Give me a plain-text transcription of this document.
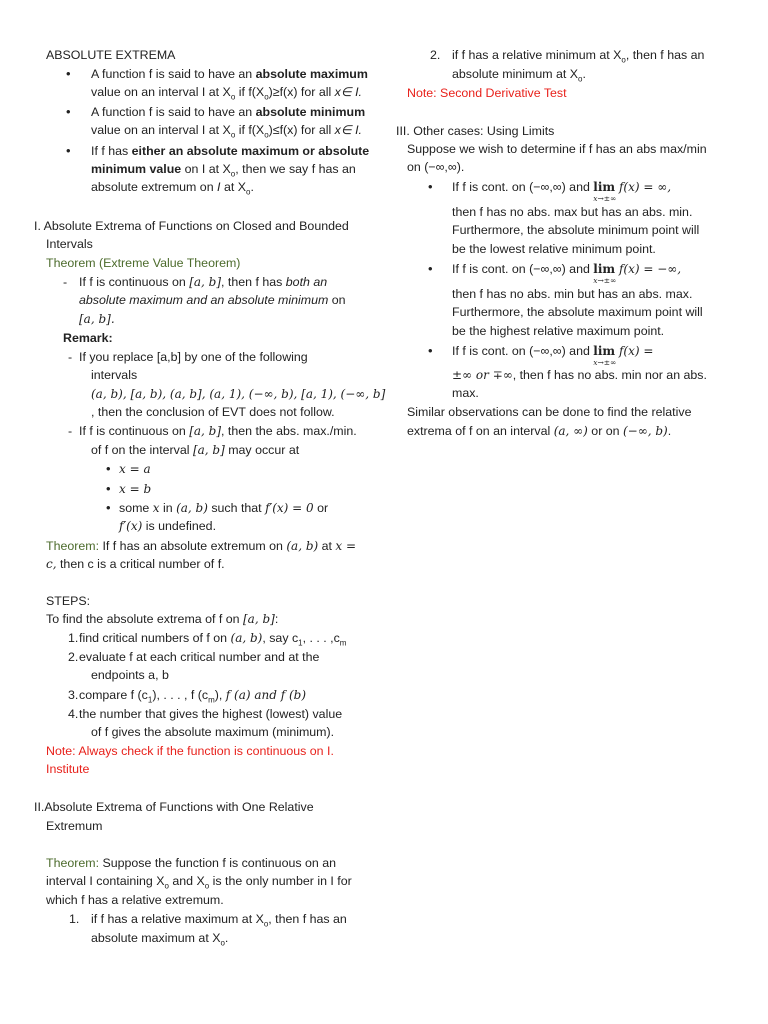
ABSOLUTE EXTREMA
• A function f is said to have an absolute maximum
value on an interval I at $X_o$ if $f(X_o)\ge f(x)$ for all x∈ I.
• A function f is said to have an absolute minimum
value on an interval I at $X_o$ if $f(X_o)\le f(x)$ for all x∈ I.
• If f has either an absolute maximum or absolute
minimum value on I at $X_o$, then we say f has an
absolute extremum on I at $X_o$.
I. Absolute Extrema of Functions on Closed and Bounded
Intervals
Theorem (Extreme Value Theorem)
- If f is continuous on [a, b], then f has both an
absolute maximum and an absolute minimum on
[a, b].
Remark:
- If you replace [a,b] by one of the following
intervals
(a, b), [a, b), (a, b], (a, 1), (−∞, b), [a, 1), (−∞, b]
, then the conclusion of EVT does not follow.
- If f is continuous on [a, b], then the abs. max./min.
of f on the interval [a, b] may occur at
• x = a
• x = b
• some x in (a, b) such that f′(x) = 0 or
f′(x) is undefined.
Theorem: If f has an absolute extremum on (a, b) at x =
c, then c is a critical number of f.
STEPS:
To find the absolute extrema of f on [a, b]:
1. find critical numbers of f on (a, b), say $c_1$, . . . $,c_m$
2. evaluate f at each critical number and at the
endpoints a, b
3. compare f $(c_1)$, . . . , f $(c_m)$, f (a) and f (b)
4. the number that gives the highest (lowest) value
of f gives the absolute maximum (minimum).
Note: Always check if the function is continuous on I.
Institute
II.Absolute Extrema of Functions with One Relative
Extremum
Theorem: Suppose the function f is continuous on an
interval I containing $X_o$ and $X_o$ is the only number in I for
which f has a relative extremum.
1. if f has a relative maximum at $X_o$, then f has an
absolute maximum at $X_o$.
2. if f has a relative minimum at $X_o$, then f has an
absolute minimum at $X_o$.
Note: Second Derivative Test
III. Other cases: Using Limits
Suppose we wish to determine if f has an abs max/min
on (−∞,∞).
• If f is cont. on (−∞,∞) and lim
x→±∞
f(x) = ∞,
then f has no abs. max but has an abs. min.
Furthermore, the absolute minimum point will
be the lowest relative minimum point.
• If f is cont. on (−∞,∞) and lim
x→±∞
f(x) = −∞,
then f has no abs. min but has an abs. max.
Furthermore, the absolute maximum point will
be the highest relative maximum point.
• If f is cont. on (−∞,∞) and lim
x→±∞
f(x) =
±∞ or ∓∞, then f has no abs. min nor an abs.
max.
Similar observations can be done to find the relative
extrema of f on an interval (a, ∞) or on (−∞, b).
